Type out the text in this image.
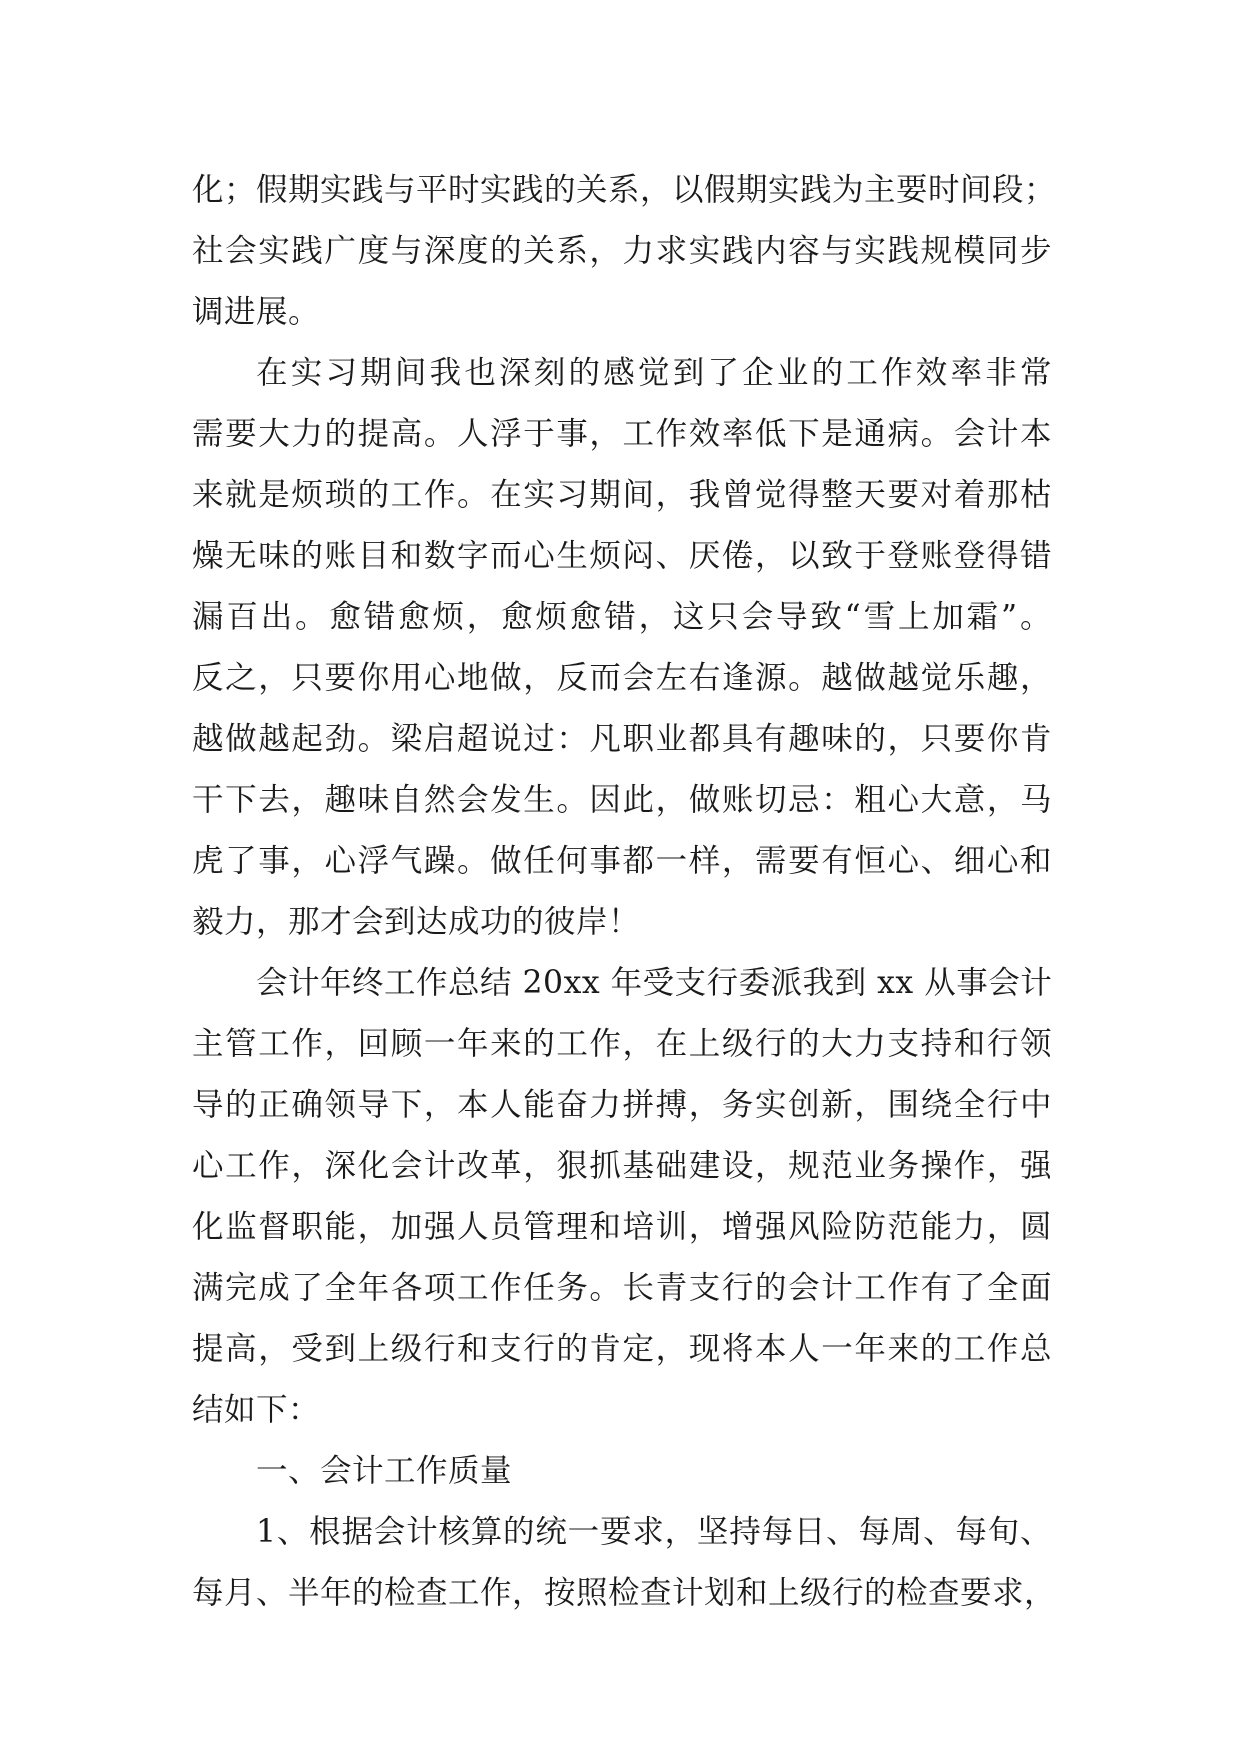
化；假期实践与平时实践的关系，以假期实践为主要时间段；
社会实践广度与深度的关系，力求实践内容与实践规模同步
调进展。
在实习期间我也深刻的感觉到了企业的工作效率非常
需要大力的提高。人浮于事，工作效率低下是通病。会计本
来就是烦琐的工作。在实习期间，我曾觉得整天要对着那枯
燥无味的账目和数字而心生烦闷、厌倦，以致于登账登得错
漏百出。愈错愈烦，愈烦愈错，这只会导致“雪上加霜”。
反之，只要你用心地做，反而会左右逢源。越做越觉乐趣，
越做越起劲。梁启超说过：凡职业都具有趣味的，只要你肯
干下去，趣味自然会发生。因此，做账切忌：粗心大意，马
虎了事，心浮气躁。做任何事都一样，需要有恒心、细心和
毅力，那才会到达成功的彼岸！
会计年终工作总结 20xx 年受支行委派我到 xx 从事会计
主管工作，回顾一年来的工作，在上级行的大力支持和行领
导的正确领导下，本人能奋力拼搏，务实创新，围绕全行中
心工作，深化会计改革，狠抓基础建设，规范业务操作，强
化监督职能，加强人员管理和培训，增强风险防范能力，圆
满完成了全年各项工作任务。长青支行的会计工作有了全面
提高，受到上级行和支行的肯定，现将本人一年来的工作总
结如下：
一、会计工作质量
1、根据会计核算的统一要求，坚持每日、每周、每旬、
每月、半年的检查工作，按照检查计划和上级行的检查要求，
